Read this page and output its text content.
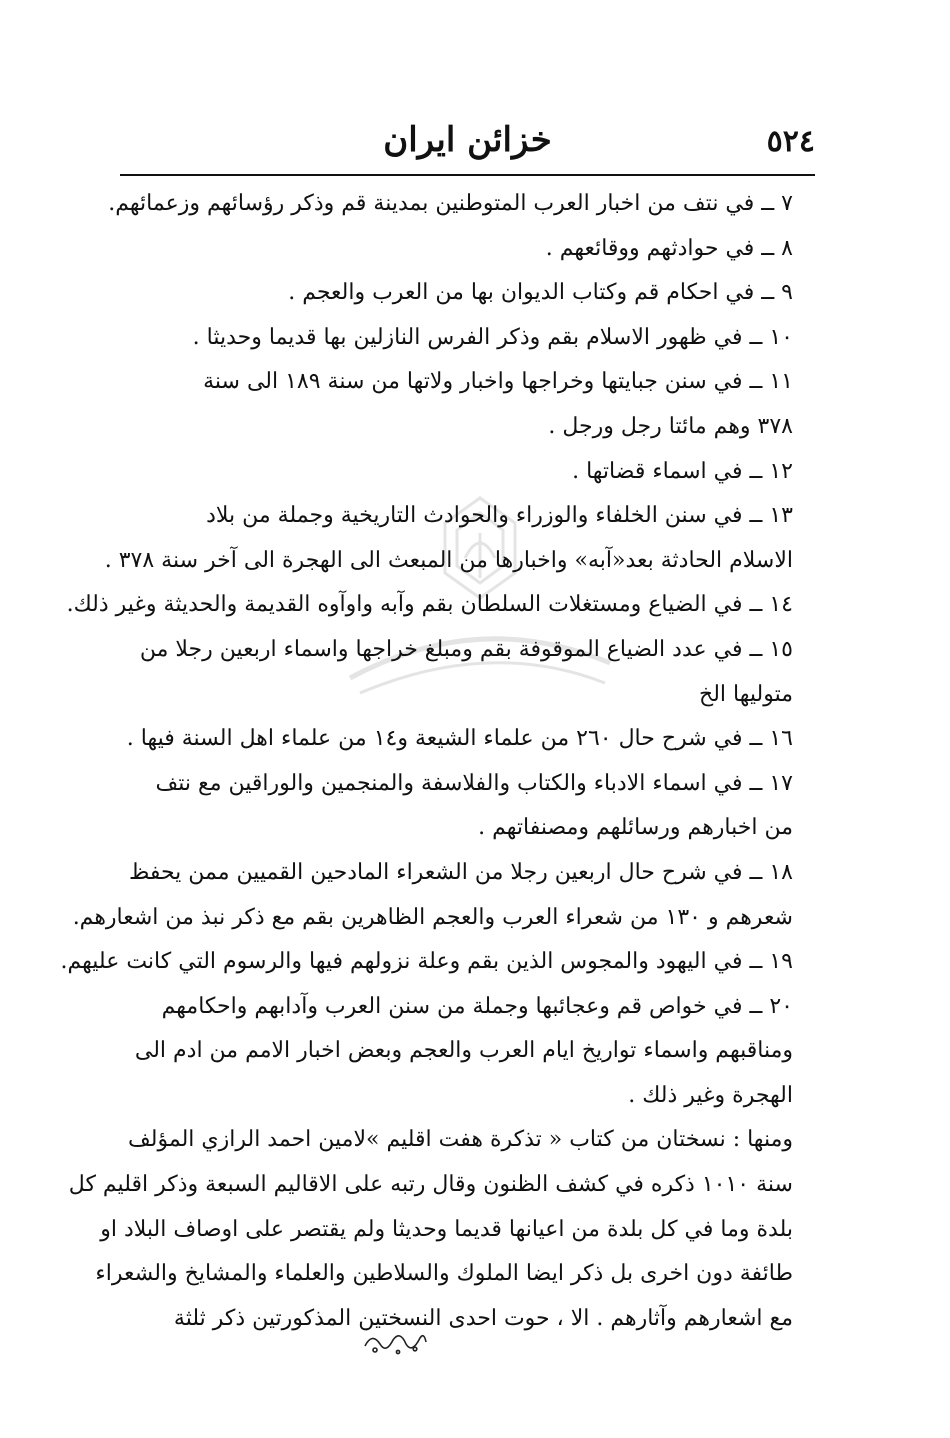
٥٢٤
خزائن ایران
٧ ــ في نتف من اخبار العرب المتوطنين بمدينة قم وذكر رؤسائهم وزعمائهم.
٨ ــ في حوادثهم ووقائعهم .
٩ ــ في احكام قم وكتاب الديوان بها من العرب والعجم .
١٠ ــ في ظهور الاسلام بقم وذكر الفرس النازلين بها قديما وحديثا .
١١ ــ في سنن جبايتها وخراجها واخبار ولاتها من سنة ١٨٩ الى سنة
٣٧٨ وهم مائتا رجل ورجل .
١٢ ــ في اسماء قضاتها .
١٣ ــ في سنن الخلفاء والوزراء والحوادث التاريخية وجملة من بلاد
الاسلام الحادثة بعد«آبه» واخبارها من المبعث الى الهجرة الى آخر سنة ٣٧٨ .
١٤ ــ في الضياع ومستغلات السلطان بقم وآبه واوآوه القديمة والحديثة وغير ذلك.
١٥ ــ في عدد الضياع الموقوفة بقم ومبلغ خراجها واسماء اربعين رجلا من
متوليها الخ
١٦ ــ في شرح حال ٢٦٠ من علماء الشيعة و١٤ من علماء اهل السنة فيها .
١٧ ــ في اسماء الادباء والكتاب والفلاسفة والمنجمين والوراقين مع نتف
من اخبارهم ورسائلهم ومصنفاتهم .
١٨ ــ في شرح حال اربعين رجلا من الشعراء المادحين القميين ممن يحفظ
شعرهم و ١٣٠ من شعراء العرب والعجم الظاهرين بقم مع ذكر نبذ من اشعارهم.
١٩ ــ في اليهود والمجوس الذين بقم وعلة نزولهم فيها والرسوم التي كانت عليهم.
٢٠ ــ في خواص قم وعجائبها وجملة من سنن العرب وآدابهم واحكامهم
ومناقبهم واسماء تواريخ ايام العرب والعجم وبعض اخبار الامم من ادم الى
الهجرة وغير ذلك .
ومنها : نسختان من كتاب « تذكرة هفت اقليم »لامين احمد الرازي المؤلف
سنة ١٠١٠ ذكره في كشف الظنون وقال رتبه على الاقاليم السبعة وذكر اقليم كل
بلدة وما في كل بلدة من اعيانها قديما وحديثا ولم يقتصر على اوصاف البلاد او
طائفة دون اخرى بل ذكر ايضا الملوك والسلاطين والعلماء والمشايخ والشعراء
مع اشعارهم وآثارهم . الا ، حوت احدى النسختين المذكورتين ذكر ثلثة
